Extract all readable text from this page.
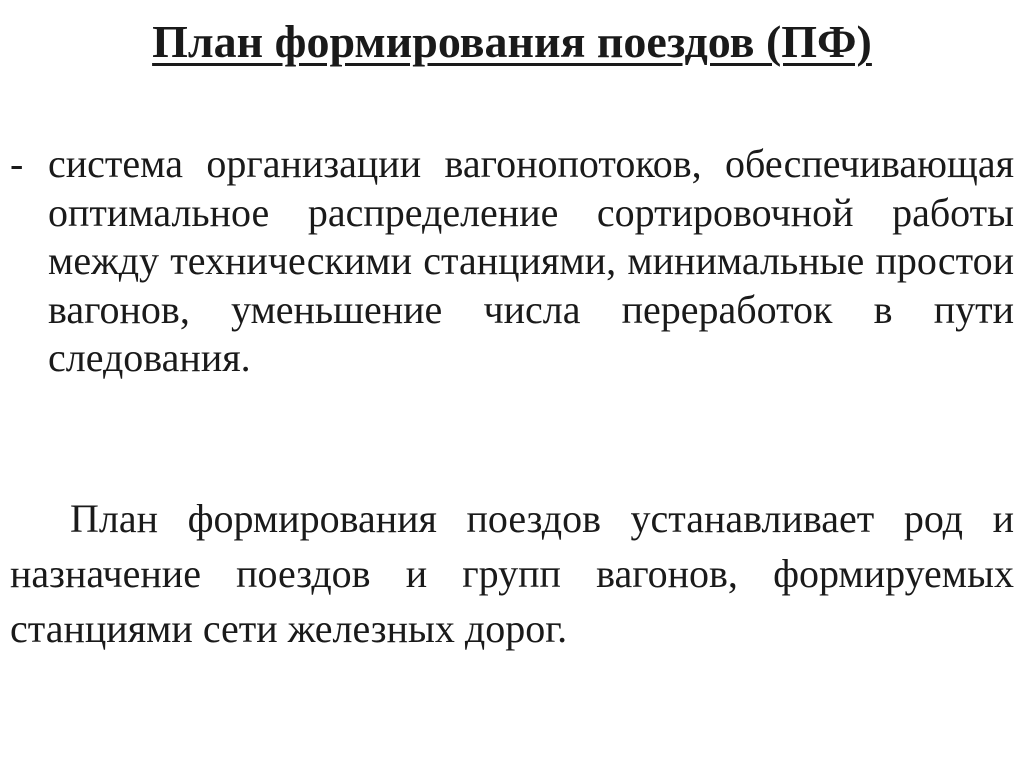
План формирования поездов (ПФ)
- система организации вагонопотоков, обеспечивающая оптимальное распределение сортировочной работы между техническими станциями, минимальные простои вагонов, уменьшение числа переработок в пути следования.

План формирования поездов устанавливает род и назначение поездов и групп вагонов, формируемых станциями сети железных дорог.
